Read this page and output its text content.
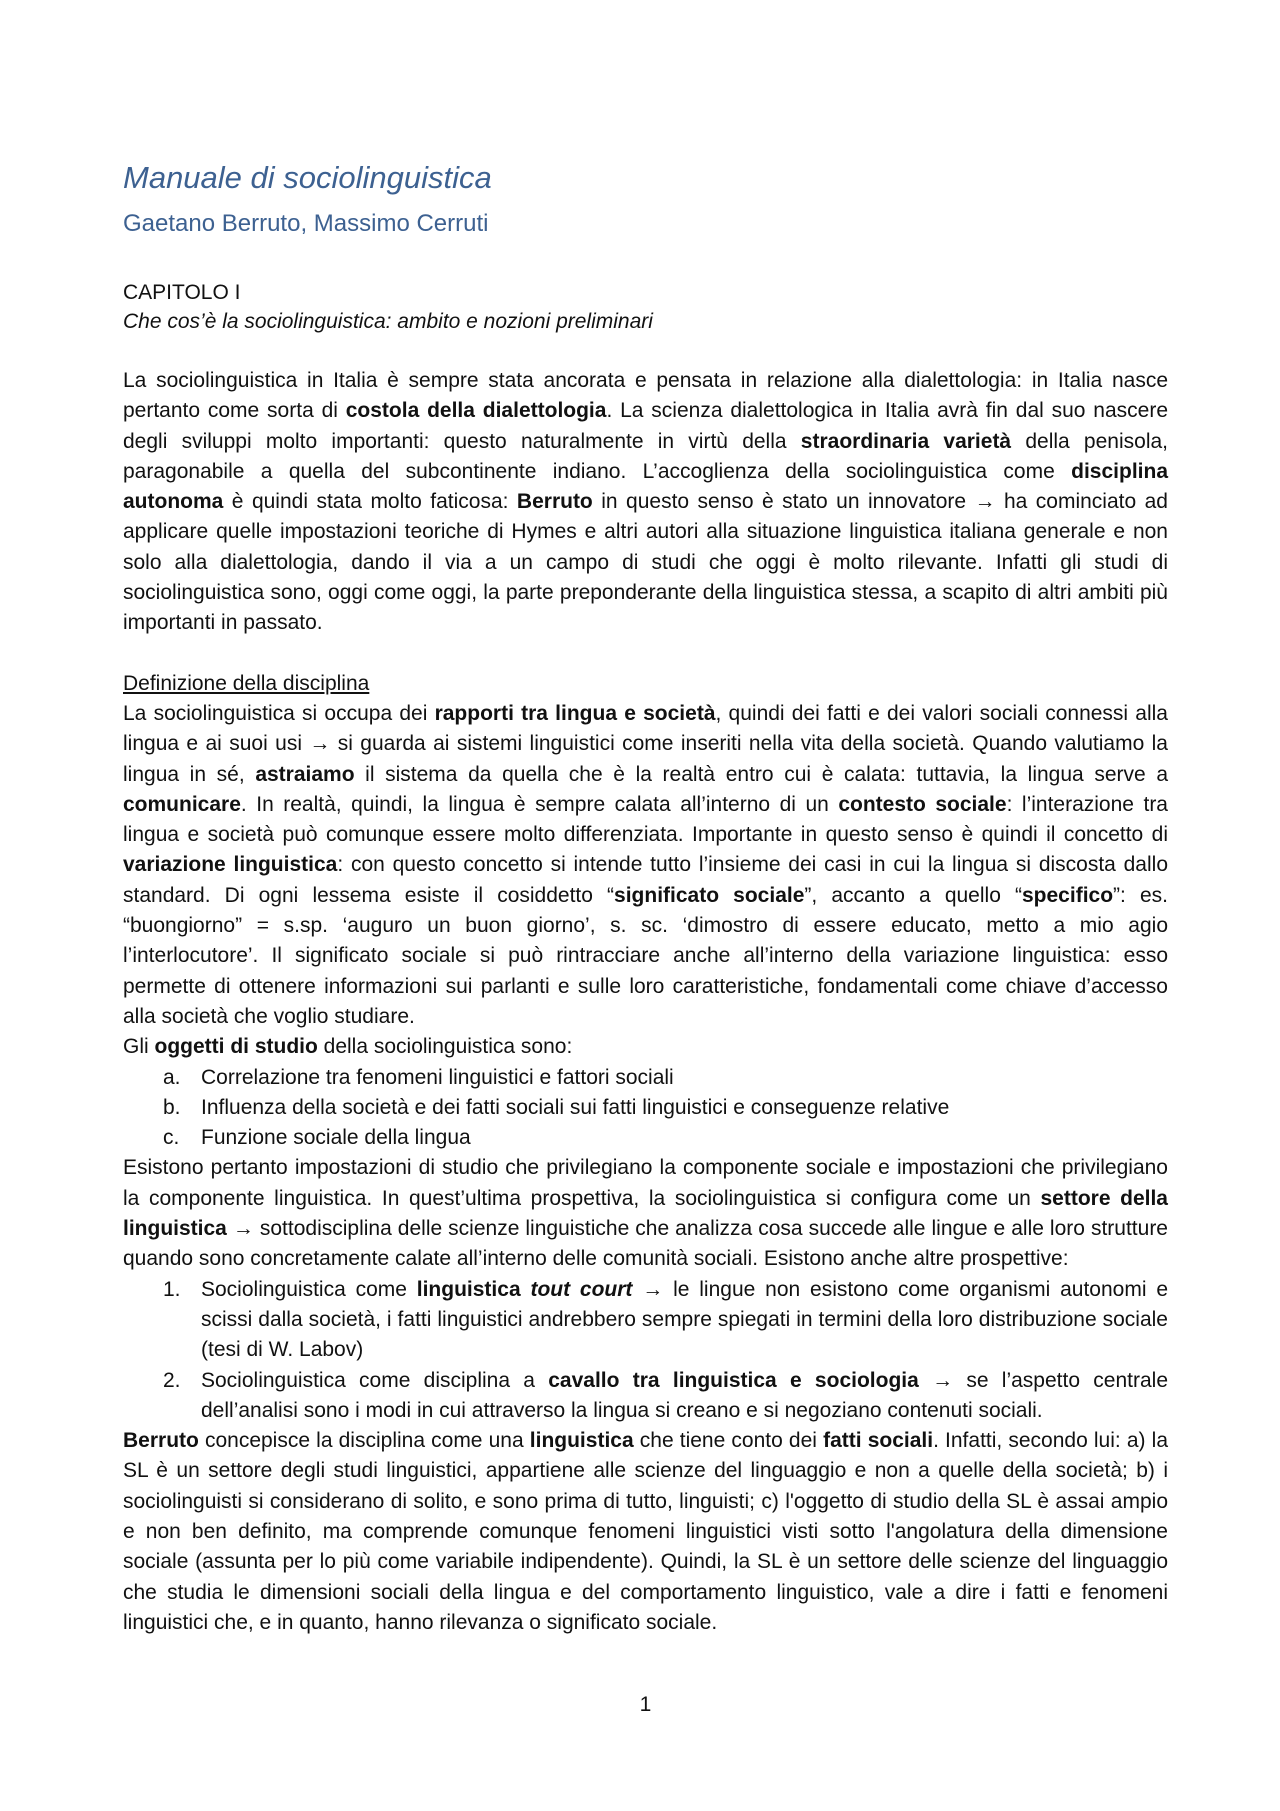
Manuale di sociolinguistica
Gaetano Berruto, Massimo Cerruti
CAPITOLO I
Che cos’è la sociolinguistica: ambito e nozioni preliminari

La sociolinguistica in Italia è sempre stata ancorata e pensata in relazione alla dialettologia: in Italia nasce pertanto come sorta di costola della dialettologia. La scienza dialettologica in Italia avrà fin dal suo nascere degli sviluppi molto importanti: questo naturalmente in virtù della straordinaria varietà della penisola, paragonabile a quella del subcontinente indiano. L’accoglienza della sociolinguistica come disciplina autonoma è quindi stata molto faticosa: Berruto in questo senso è stato un innovatore → ha cominciato ad applicare quelle impostazioni teoriche di Hymes e altri autori alla situazione linguistica italiana generale e non solo alla dialettologia, dando il via a un campo di studi che oggi è molto rilevante. Infatti gli studi di sociolinguistica sono, oggi come oggi, la parte preponderante della linguistica stessa, a scapito di altri ambiti più importanti in passato.

Definizione della disciplina

La sociolinguistica si occupa dei rapporti tra lingua e società, quindi dei fatti e dei valori sociali connessi alla lingua e ai suoi usi → si guarda ai sistemi linguistici come inseriti nella vita della società. Quando valutiamo la lingua in sé, astraiamo il sistema da quella che è la realtà entro cui è calata: tuttavia, la lingua serve a comunicare. In realtà, quindi, la lingua è sempre calata all’interno di un contesto sociale: l’interazione tra lingua e società può comunque essere molto differenziata. Importante in questo senso è quindi il concetto di variazione linguistica: con questo concetto si intende tutto l’insieme dei casi in cui la lingua si discosta dallo standard. Di ogni lessema esiste il cosiddetto “significato sociale”, accanto a quello “specifico”: es. “buongiorno” = s.sp. ‘auguro un buon giorno’, s. sc. ‘dimostro di essere educato, metto a mio agio l’interlocutore’. Il significato sociale si può rintracciare anche all’interno della variazione linguistica: esso permette di ottenere informazioni sui parlanti e sulle loro caratteristiche, fondamentali come chiave d’accesso alla società che voglio studiare.

Gli oggetti di studio della sociolinguistica sono:

a. Correlazione tra fenomeni linguistici e fattori sociali
b. Influenza della società e dei fatti sociali sui fatti linguistici e conseguenze relative
c. Funzione sociale della lingua

Esistono pertanto impostazioni di studio che privilegiano la componente sociale e impostazioni che privilegiano la componente linguistica. In quest’ultima prospettiva, la sociolinguistica si configura come un settore della linguistica → sottodisciplina delle scienze linguistiche che analizza cosa succede alle lingue e alle loro strutture quando sono concretamente calate all’interno delle comunità sociali. Esistono anche altre prospettive:

1. Sociolinguistica come linguistica tout court → le lingue non esistono come organismi autonomi e scissi dalla società, i fatti linguistici andrebbero sempre spiegati in termini della loro distribuzione sociale (tesi di W. Labov)
2. Sociolinguistica come disciplina a cavallo tra linguistica e sociologia → se l’aspetto centrale dell’analisi sono i modi in cui attraverso la lingua si creano e si negoziano contenuti sociali.

Berruto concepisce la disciplina come una linguistica che tiene conto dei fatti sociali. Infatti, secondo lui: a) la SL è un settore degli studi linguistici, appartiene alle scienze del linguaggio e non a quelle della società; b) i sociolinguisti si considerano di solito, e sono prima di tutto, linguisti; c) l'oggetto di studio della SL è assai ampio e non ben definito, ma comprende comunque fenomeni linguistici visti sotto l'angolatura della dimensione sociale (assunta per lo più come variabile indipendente). Quindi, la SL è un settore delle scienze del linguaggio che studia le dimensioni sociali della lingua e del comportamento linguistico, vale a dire i fatti e fenomeni linguistici che, e in quanto, hanno rilevanza o significato sociale.

1
